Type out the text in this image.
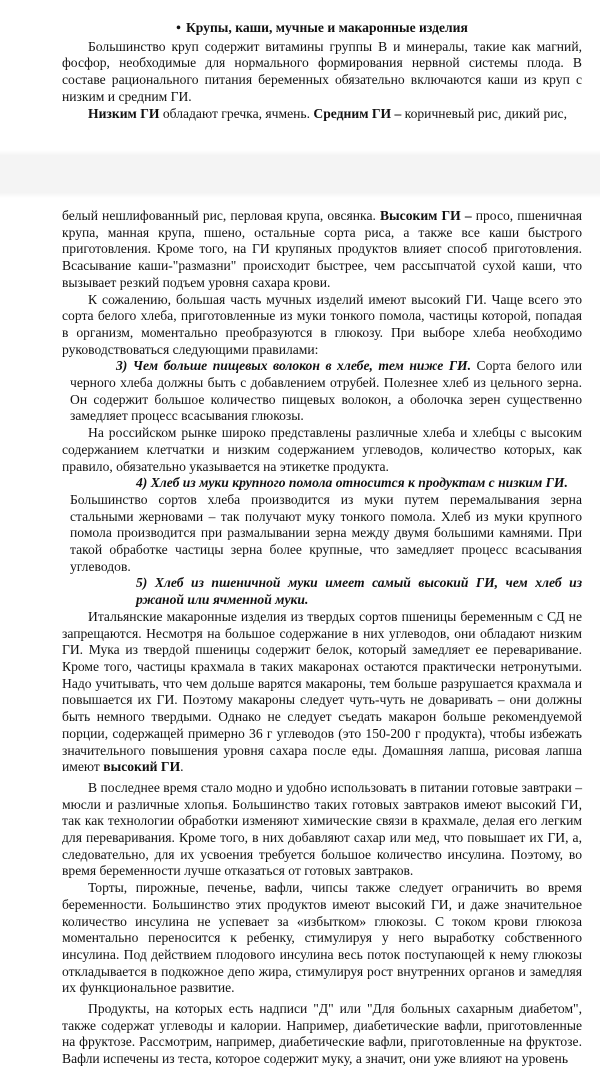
• Крупы, каши, мучные и макаронные изделия

Большинство круп содержит витамины группы В и минералы, такие как магний, фосфор, необходимые для нормального формирования нервной системы плода. В составе рационального питания беременных обязательно включаются каши из круп с низким и средним ГИ.

Низким ГИ обладают гречка, ячмень. Средним ГИ – коричневый рис, дикий рис,

белый нешлифованный рис, перловая крупа, овсянка. Высоким ГИ – просо, пшеничная крупа, манная крупа, пшено, остальные сорта риса, а также все каши быстрого приготовления. Кроме того, на ГИ крупяных продуктов влияет способ приготовления. Всасывание каши-"размазни" происходит быстрее, чем рассыпчатой сухой каши, что вызывает резкий подъем уровня сахара крови.

К сожалению, большая часть мучных изделий имеют высокий ГИ. Чаще всего это сорта белого хлеба, приготовленные из муки тонкого помола, частицы которой, попадая в организм, моментально преобразуются в глюкозу. При выборе хлеба необходимо руководствоваться следующими правилами:

3) Чем больше пищевых волокон в хлебе, тем ниже ГИ. Сорта белого или черного хлеба должны быть с добавлением отрубей. Полезнее хлеб из цельного зерна. Он содержит большое количество пищевых волокон, а оболочка зерен существенно замедляет процесс всасывания глюкозы.

На российском рынке широко представлены различные хлеба и хлебцы с высоким содержанием клетчатки и низким содержанием углеводов, количество которых, как правило, обязательно указывается на этикетке продукта.

4) Хлеб из муки крупного помола относится к продуктам с низким ГИ.

Большинство сортов хлеба производится из муки путем перемалывания зерна стальными жерновами – так получают муку тонкого помола. Хлеб из муки крупного помола производится при размалывании зерна между двумя большими камнями. При такой обработке частицы зерна более крупные, что замедляет процесс всасывания углеводов.

5) Хлеб из пшеничной муки имеет самый высокий ГИ, чем хлеб из ржаной или ячменной муки.

Итальянские макаронные изделия из твердых сортов пшеницы беременным с СД не запрещаются. Несмотря на большое содержание в них углеводов, они обладают низким ГИ. Мука из твердой пшеницы содержит белок, который замедляет ее переваривание. Кроме того, частицы крахмала в таких макаронах остаются практически нетронутыми. Надо учитывать, что чем дольше варятся макароны, тем больше разрушается крахмала и повышается их ГИ. Поэтому макароны следует чуть-чуть не доваривать – они должны быть немного твердыми. Однако не следует съедать макарон больше рекомендуемой порции, содержащей примерно 36 г углеводов (это 150-200 г продукта), чтобы избежать значительного повышения уровня сахара после еды. Домашняя лапша, рисовая лапша имеют высокий ГИ.

В последнее время стало модно и удобно использовать в питании готовые завтраки – мюсли и различные хлопья. Большинство таких готовых завтраков имеют высокий ГИ, так как технологии обработки изменяют химические связи в крахмале, делая его легким для переваривания. Кроме того, в них добавляют сахар или мед, что повышает их ГИ, а, следовательно, для их усвоения требуется большое количество инсулина. Поэтому, во время беременности лучше отказаться от готовых завтраков.

Торты, пирожные, печенье, вафли, чипсы также следует ограничить во время беременности. Большинство этих продуктов имеют высокий ГИ, и даже значительное количество инсулина не успевает за «избытком» глюкозы. С током крови глюкоза моментально переносится к ребенку, стимулируя у него выработку собственного инсулина. Под действием плодового инсулина весь поток поступающей к нему глюкозы откладывается в подкожное депо жира, стимулируя рост внутренних органов и замедляя их функциональное развитие.

Продукты, на которых есть надписи "Д" или "Для больных сахарным диабетом", также содержат углеводы и калории. Например, диабетические вафли, приготовленные на фруктозе. Рассмотрим, например, диабетические вафли, приготовленные на фруктозе. Вафли испечены из теста, которое содержит муку, а значит, они уже влияют на уровень
